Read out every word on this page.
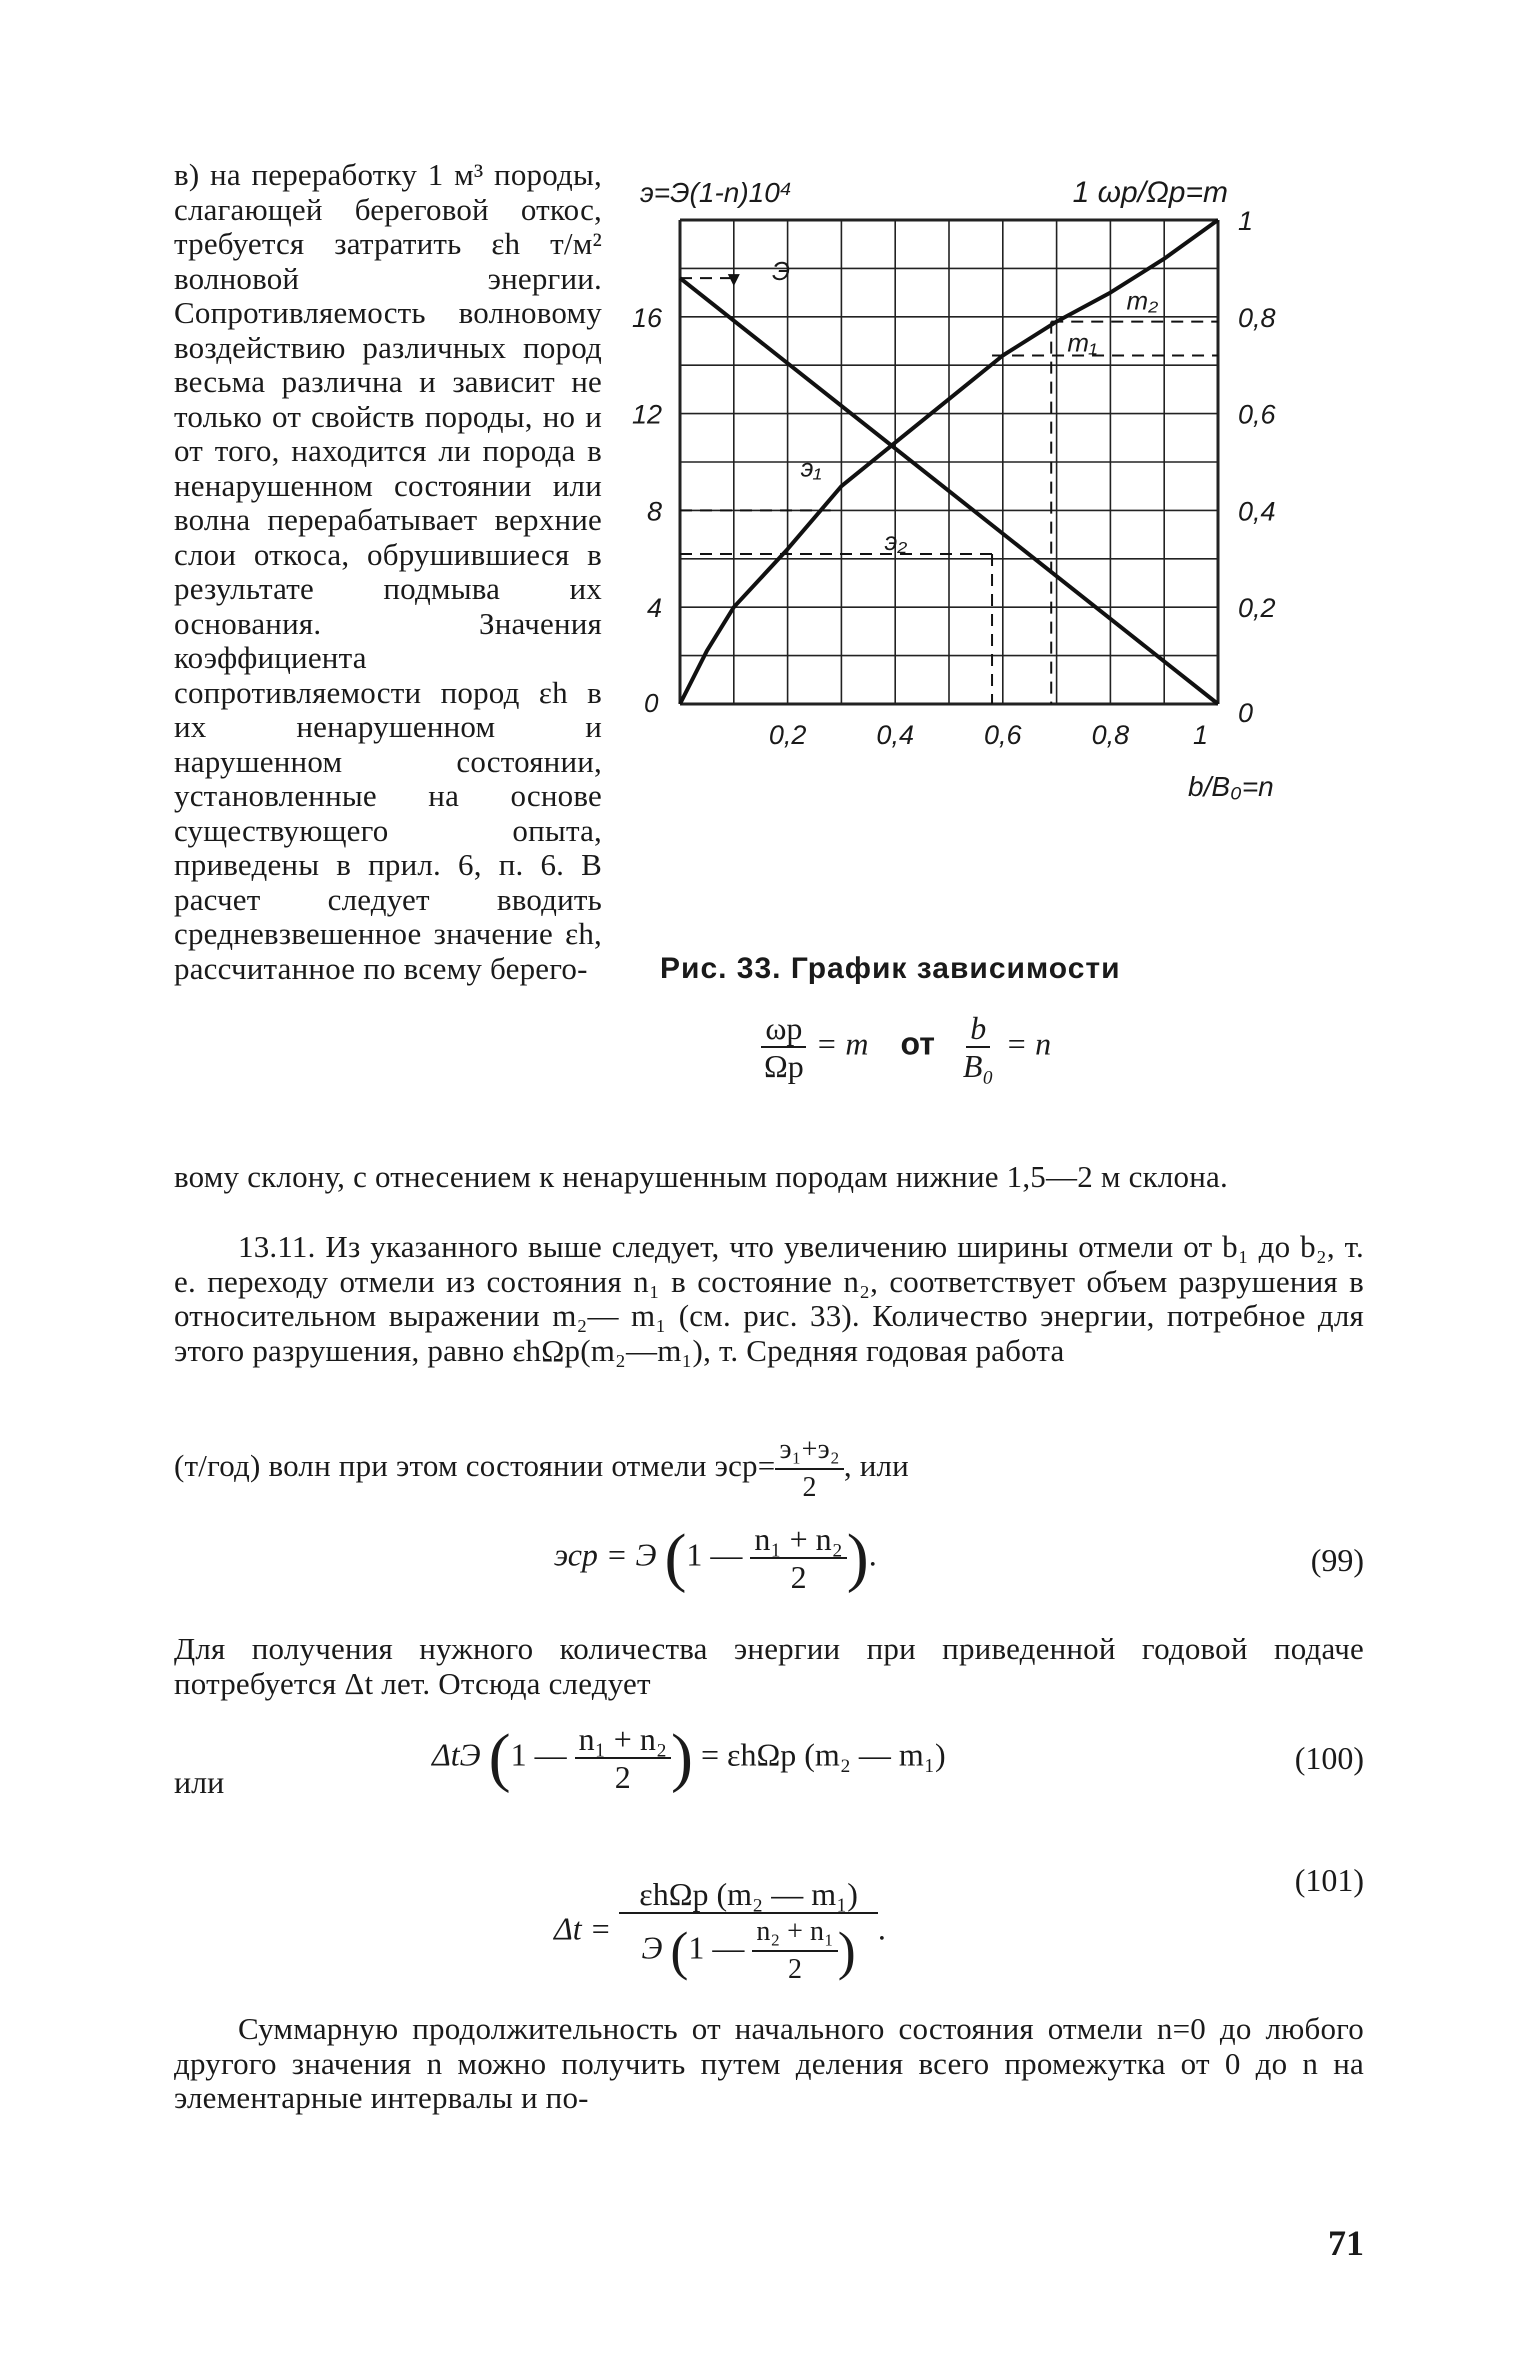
в) на переработку 1 м³ породы, слагающей береговой откос, требуется затратить εh т/м² волновой энергии. Сопротивляемость волновому воздействию различных пород весьма различна и зависит не только от свойств породы, но и от того, находится ли порода в ненарушенном состоянии или волна перерабатывает верхние слои откоса, обрушившиеся в результате подмыва их основания. Значения коэффициента сопротивляемости пород εh в их ненарушенном и нарушенном состоянии, установленные на основе существующего опыта, приведены в прил. 6, п. 6. В расчет следует вводить средневзвешенное значение εh, рассчитанное по всему берего-

э=Э(1-n)10⁴	1 ωр/Ωр=m
b/B₀=n
0,2	0,4	0,6	0,8 1
0
4
8
12
16
0
0,2
0,4
0,6
0,8
1
Э
э₁
э₂
m₁
m₂
Рис. 33. График зависимости
$\frac{\omega р}{\Omega р} = m$ от $\frac{b}{\text{B₀}} = n$

вому склону, с отнесением к ненарушенным породам нижние 1,5—2 м склона.

13.11. Из указанного выше следует, что увеличению ширины отмели от b₁ до b₂, т. е. переходу отмели из состояния n₁ в состояние n₂, соответствует объем разрушения в относительном выражении m₂— m₁ (см. рис. 33). Количество энергии, потребное для этого разрушения, равно εhΩр(m₂—m₁), т. Средняя годовая работа

(т/год) волн при этом состоянии отмели $эср= \frac{\text{э₁+э₂}}{2}$ , или
эср = Э (1 — $\frac{\text{n₁ + n₂}}{2}$ ).	(99)

Для получения нужного количества энергии при приведенной годовой подаче потребуется Δt лет. Отсюда следует

или
ΔtЭ (1 — $\frac{\text{n₁ + n₂}}{2}$ ) = εhΩр (m₂ — m₁)	(100)
$\Delta t = \frac{\text{εhΩр (m₂ — m₁)}}{Э (1 — \frac{\text{n₂ + n₁}}{2} )}$ .
(101)

Суммарную продолжительность от начального состояния отмели n=0 до любого другого значения n можно получить путем деления всего промежутка от 0 до n на элементарные интервалы и по-

71
